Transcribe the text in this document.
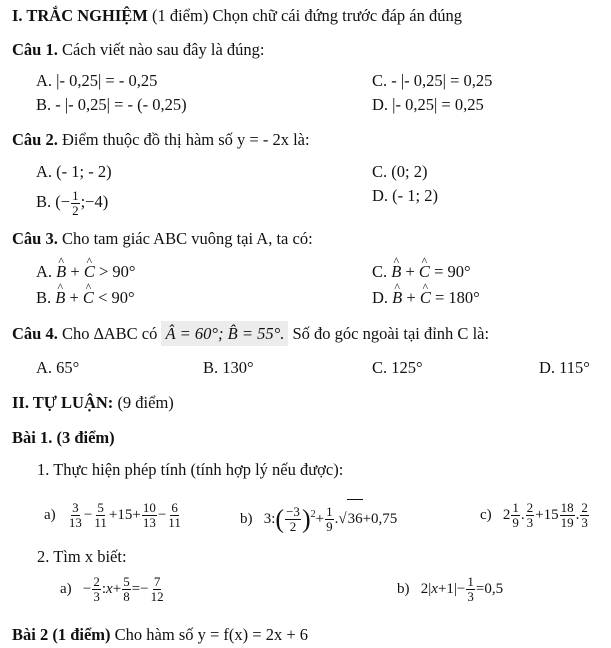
I. TRẮC NGHIỆM (1 điểm) Chọn chữ cái đứng trước đáp án đúng
Câu 1. Cách viết nào sau đây là đúng:
A. |- 0,25| = - 0,25	C. - |- 0,25| = 0,25
B. - |- 0,25| = - (- 0,25)	D. |- 0,25| = 0,25
Câu 2. Điểm thuộc đồ thị hàm số y = - 2x là:
A. (- 1; - 2)	C. (0; 2)
B. (− $\frac{1}{2}$ ;−4)	D. (- 1; 2)
Câu 3. Cho tam giác ABC vuông tại A, ta có:
A. ^ B + ^ C > 90°	C. ^ B + ^ C = 90°
B. ^ B + ^ C < 90°	D. ^ B + ^ C = 180°
Câu 4. Cho ∆ABC có Â = 60°; B̂ = 55°. Số đo góc ngoài tại đỉnh C là:
A. 65°	B. 130°	C. 125°	D. 115°
II. TỰ LUẬN: (9 điểm)
Bài 1. (3 điểm)
1. Thực hiện phép tính (tính hợp lý nếu được):
$a) \frac{3}{13} - \frac{5}{11} +15+ \frac{10}{13} - \frac{6}{11}$	b)   3:( $\frac{-3}{2} )^2+ \frac{1}{9} .√36+0,75$	c)   $2 \frac{1}{9}$ . $\frac{2}{3} +15 \frac{18}{19}$ . $\frac{2}{3}$
2. Tìm x biết:
$a) - \frac{2}{3}$ :x+ $\frac{5}{8} =- \frac{7}{12}$	b)   $2|x+1|- \frac{1}{3} =0,5$
Bài 2 (1 điểm) Cho hàm số y = f(x) = 2x + 6
